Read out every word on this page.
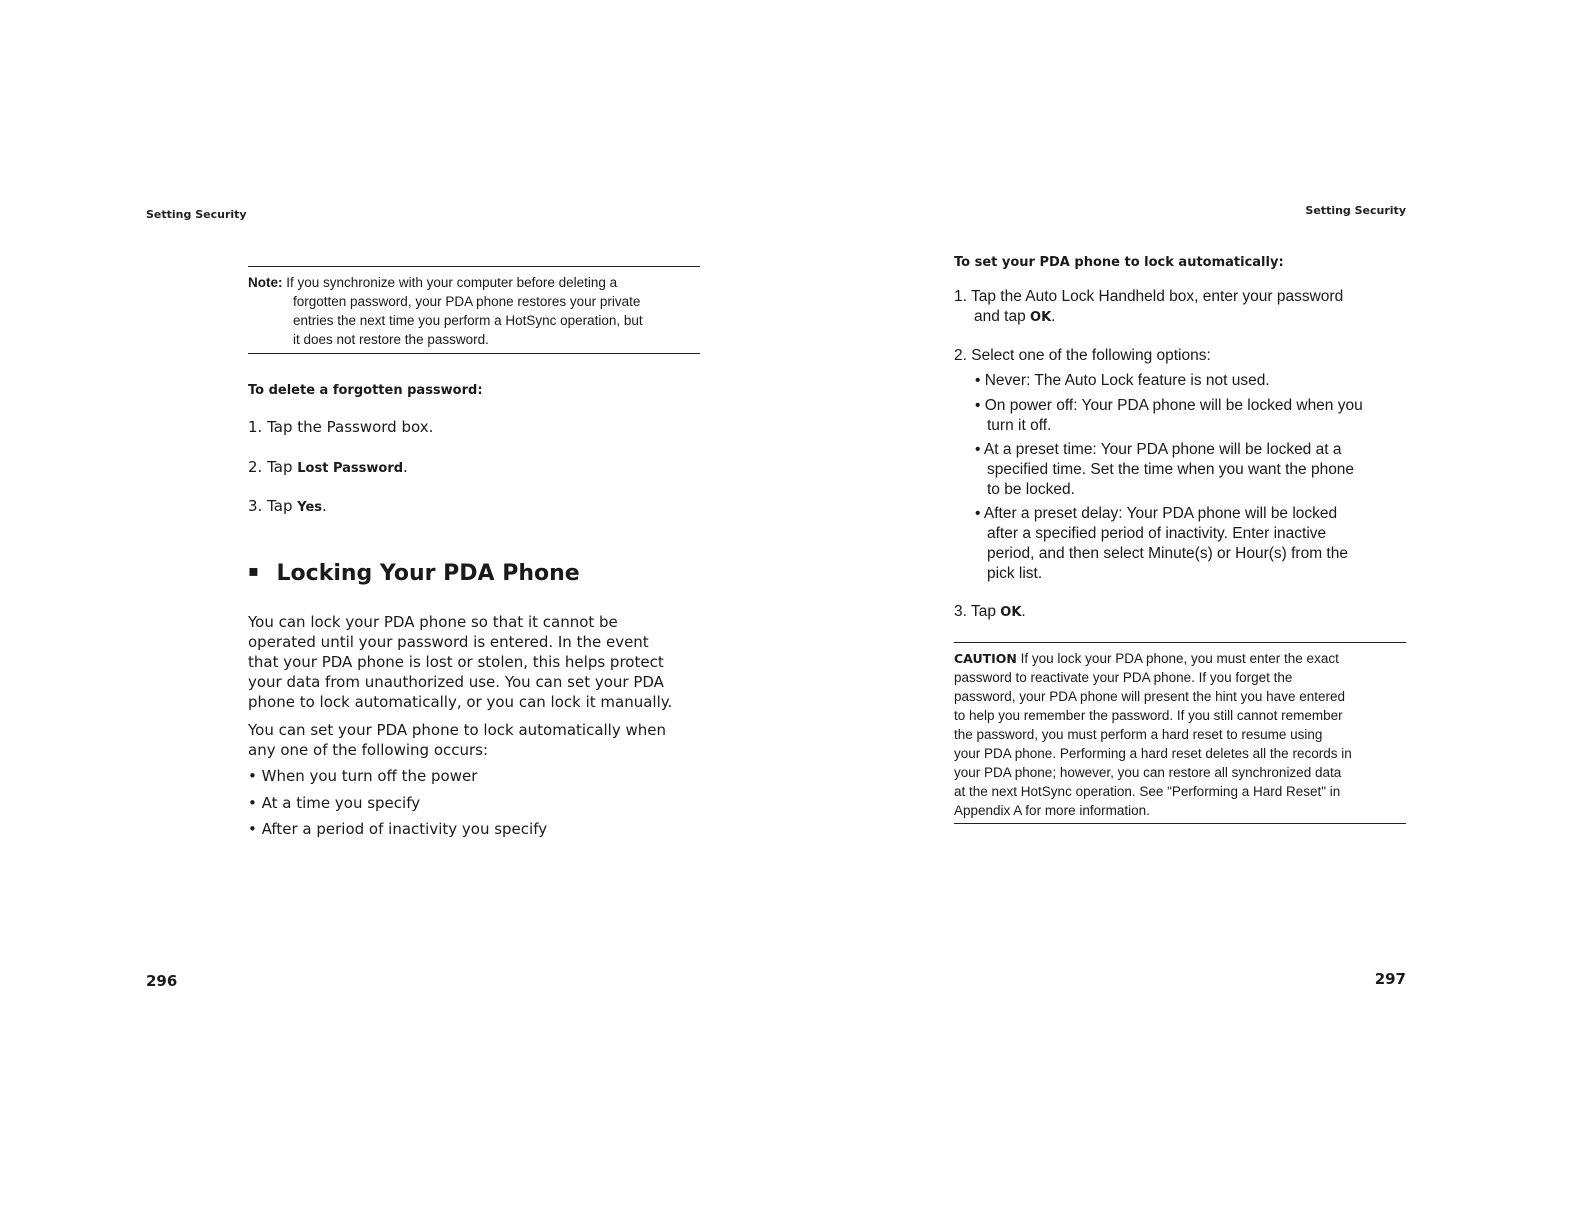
Setting Security
Note: If you synchronize with your computer before deleting a
forgotten password, your PDA phone restores your private
entries the next time you perform a HotSync operation, but
it does not restore the password.
To delete a forgotten password:
1. Tap the Password box.
2. Tap Lost Password.
3. Tap Yes.
▪ Locking Your PDA Phone
You can lock your PDA phone so that it cannot be
operated until your password is entered. In the event
that your PDA phone is lost or stolen, this helps protect
your data from unauthorized use. You can set your PDA
phone to lock automatically, or you can lock it manually.
You can set your PDA phone to lock automatically when
any one of the following occurs:
• When you turn off the power
• At a time you specify
• After a period of inactivity you specify
296
Setting Security
To set your PDA phone to lock automatically:
1. Tap the Auto Lock Handheld box, enter your password
and tap OK.
2. Select one of the following options:
• Never: The Auto Lock feature is not used.
• On power off: Your PDA phone will be locked when you
turn it off.
• At a preset time: Your PDA phone will be locked at a
specified time. Set the time when you want the phone
to be locked.
• After a preset delay: Your PDA phone will be locked
after a specified period of inactivity. Enter inactive
period, and then select Minute(s) or Hour(s) from the
pick list.
3. Tap OK.
CAUTION If you lock your PDA phone, you must enter the exact
password to reactivate your PDA phone. If you forget the
password, your PDA phone will present the hint you have entered
to help you remember the password. If you still cannot remember
the password, you must perform a hard reset to resume using
your PDA phone. Performing a hard reset deletes all the records in
your PDA phone; however, you can restore all synchronized data
at the next HotSync operation. See "Performing a Hard Reset" in
Appendix A for more information.
297
